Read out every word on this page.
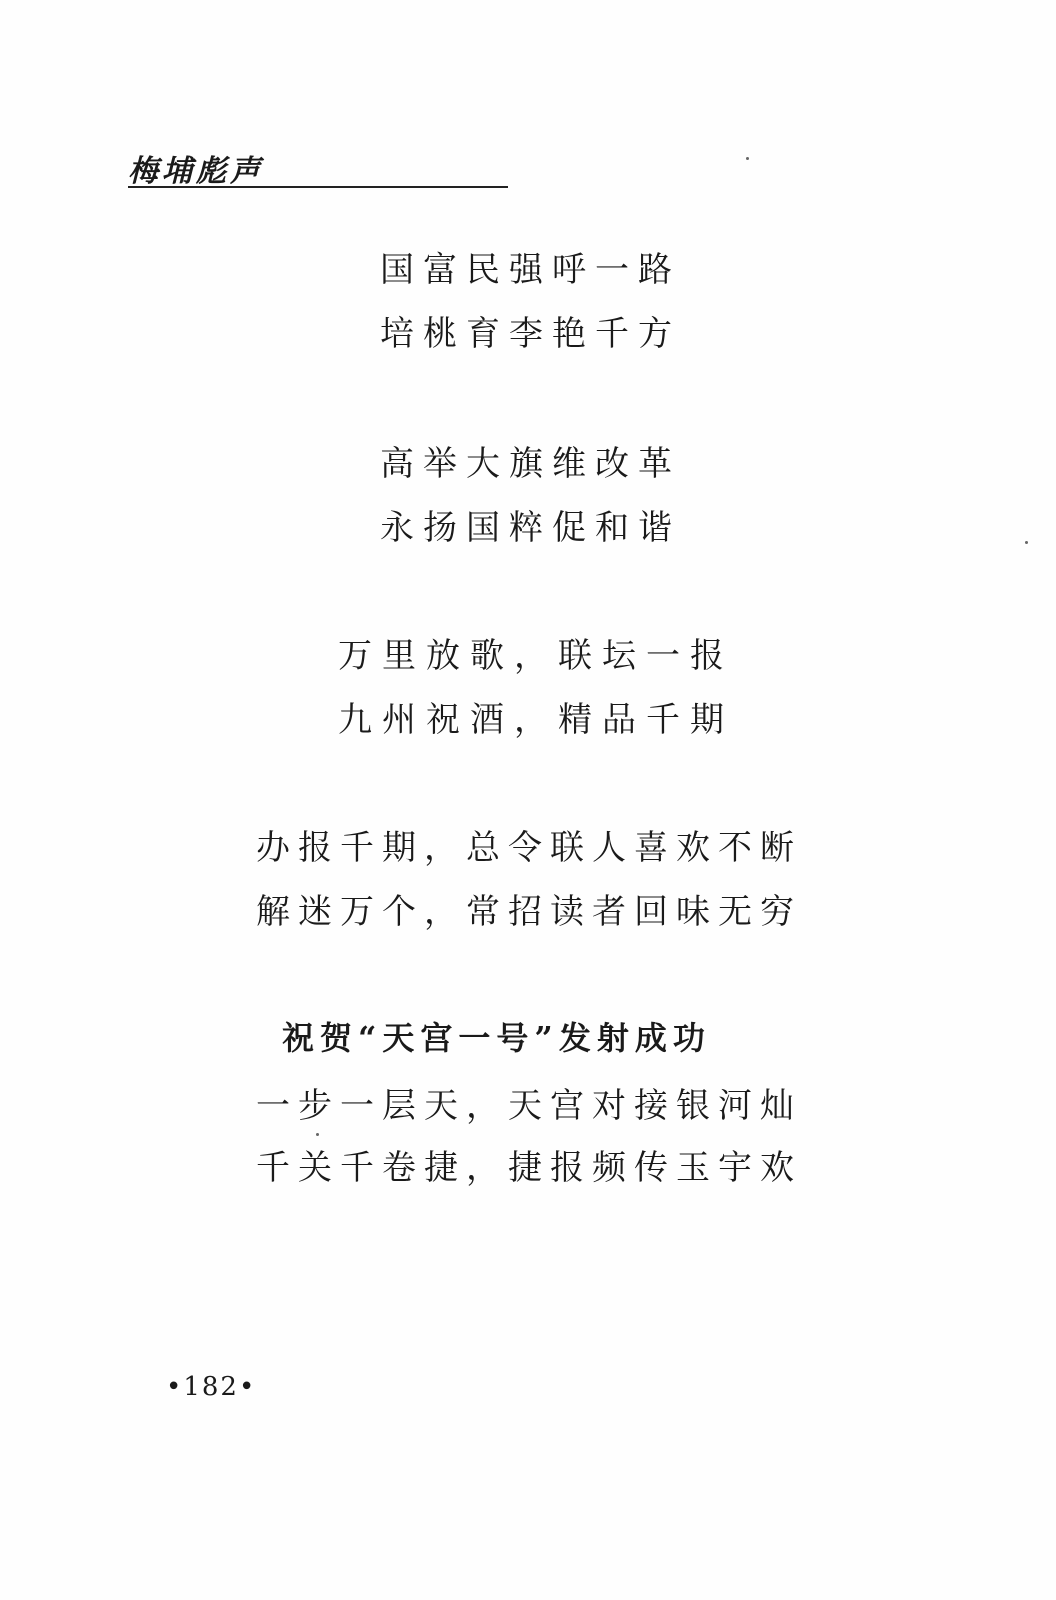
梅埔彪声
国富民强呼一路
培桃育李艳千方
高举大旗维改革
永扬国粹促和谐
万里放歌，联坛一报
九州祝酒，精品千期
办报千期，总令联人喜欢不断
解迷万个，常招读者回味无穷
祝贺“天宫一号”发射成功
一步一层天，天宫对接银河灿
千关千卷捷，捷报频传玉宇欢
•182•
